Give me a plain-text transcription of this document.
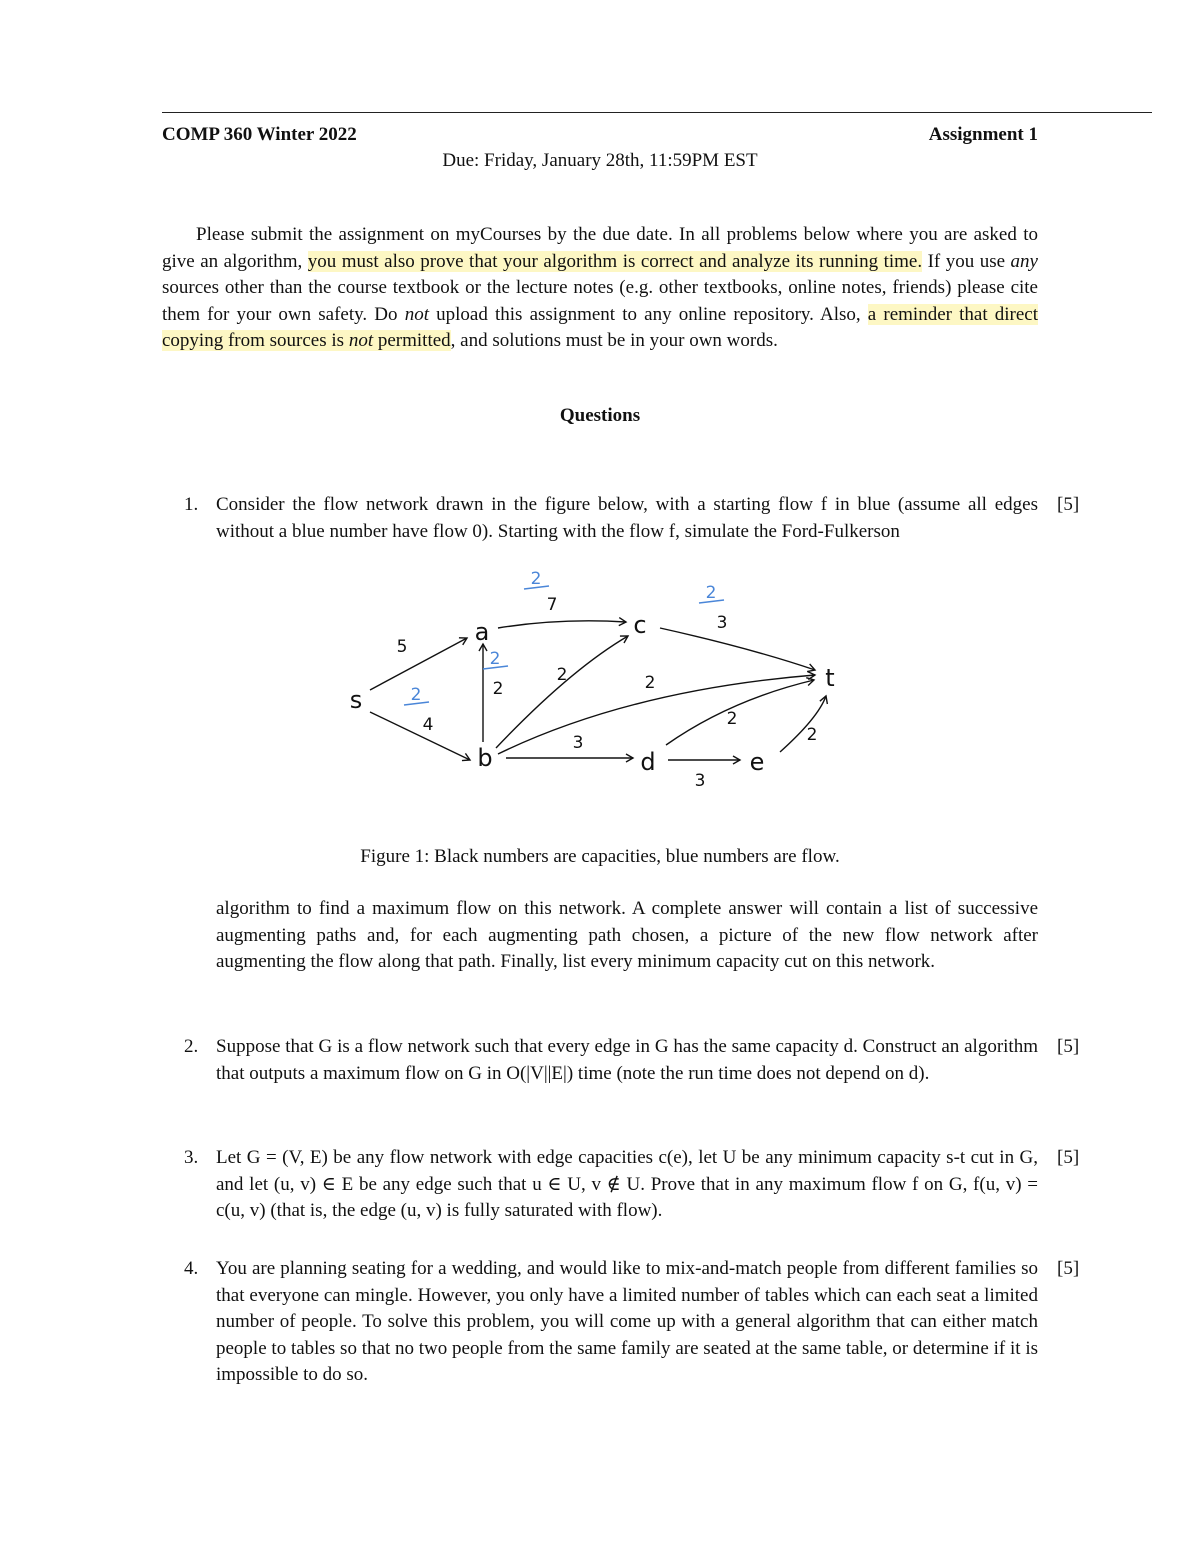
COMP 360 Winter 2022	Assignment 1
Due: Friday, January 28th, 11:59PM EST
Please submit the assignment on myCourses by the due date. In all problems below where you are asked to give an algorithm, you must also prove that your algorithm is correct and analyze its running time. If you use any sources other than the course textbook or the lecture notes (e.g. other textbooks, online notes, friends) please cite them for your own safety. Do not upload this assignment to any online repository. Also, a reminder that direct copying from sources is not permitted, and solutions must be in your own words.
Questions
1. Consider the flow network drawn in the figure below, with a starting flow f in blue (assume all edges without a blue number have flow 0). Starting with the flow f, simulate the Ford-Fulkerson
[5]
5
4
2	2
2
7
2
2
3
2
2
3
3
2
2
s
a
b
c
d	e
t
Figure 1: Black numbers are capacities, blue numbers are flow.
algorithm to find a maximum flow on this network. A complete answer will contain a list of successive augmenting paths and, for each augmenting path chosen, a picture of the new flow network after augmenting the flow along that path. Finally, list every minimum capacity cut on this network.
2. Suppose that G is a flow network such that every edge in G has the same capacity d. Construct an algorithm that outputs a maximum flow on G in O(|V||E|) time (note the run time does not depend on d).
[5]
3. Let G = (V, E) be any flow network with edge capacities c(e), let U be any minimum capacity s-t cut in G, and let (u, v) ∈ E be any edge such that u ∈ U, v ∉ U. Prove that in any maximum flow f on G, f(u, v) = c(u, v) (that is, the edge (u, v) is fully saturated with flow).
[5]
4. You are planning seating for a wedding, and would like to mix-and-match people from different families so that everyone can mingle. However, you only have a limited number of tables which can each seat a limited number of people. To solve this problem, you will come up with a general algorithm that can either match people to tables so that no two people from the same family are seated at the same table, or determine if it is impossible to do so.
[5]
